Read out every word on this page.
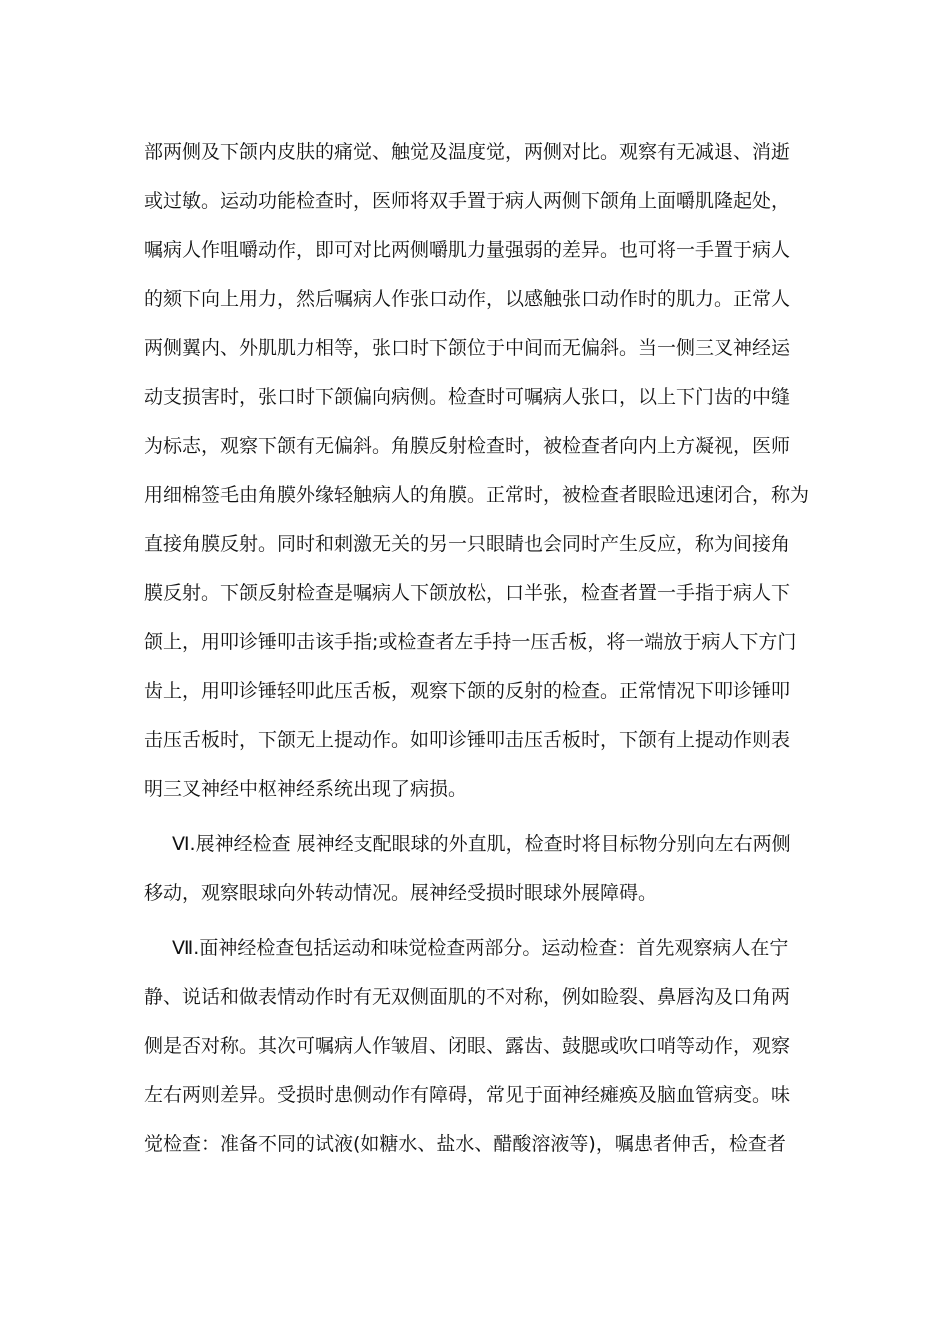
部两侧及下颌内皮肤的痛觉、触觉及温度觉，两侧对比。观察有无减退、消逝
或过敏。运动功能检查时，医师将双手置于病人两侧下颌角上面嚼肌隆起处，
嘱病人作咀嚼动作，即可对比两侧嚼肌力量强弱的差异。也可将一手置于病人
的颏下向上用力，然后嘱病人作张口动作，以感触张口动作时的肌力。正常人
两侧翼内、外肌肌力相等，张口时下颌位于中间而无偏斜。当一侧三叉神经运
动支损害时，张口时下颌偏向病侧。检查时可嘱病人张口，以上下门齿的中缝
为标志，观察下颌有无偏斜。角膜反射检查时，被检查者向内上方凝视，医师
用细棉签毛由角膜外缘轻触病人的角膜。正常时，被检查者眼睑迅速闭合，称为
直接角膜反射。同时和刺激无关的另一只眼睛也会同时产生反应，称为间接角
膜反射。下颌反射检查是嘱病人下颌放松，口半张，检查者置一手指于病人下
颌上，用叩诊锤叩击该手指;或检查者左手持一压舌板，将一端放于病人下方门
齿上，用叩诊锤轻叩此压舌板，观察下颌的反射的检查。正常情况下叩诊锤叩
击压舌板时，下颌无上提动作。如叩诊锤叩击压舌板时，下颌有上提动作则表
明三叉神经中枢神经系统出现了病损。
Ⅵ.展神经检查 展神经支配眼球的外直肌，检查时将目标物分别向左右两侧
移动，观察眼球向外转动情况。展神经受损时眼球外展障碍。
Ⅶ.面神经检查包括运动和味觉检查两部分。运动检查：首先观察病人在宁
静、说话和做表情动作时有无双侧面肌的不对称，例如睑裂、鼻唇沟及口角两
侧是否对称。其次可嘱病人作皱眉、闭眼、露齿、鼓腮或吹口哨等动作，观察
左右两则差异。受损时患侧动作有障碍，常见于面神经瘫痪及脑血管病变。味
觉检查：准备不同的试液(如糖水、盐水、醋酸溶液等)，嘱患者伸舌，检查者
